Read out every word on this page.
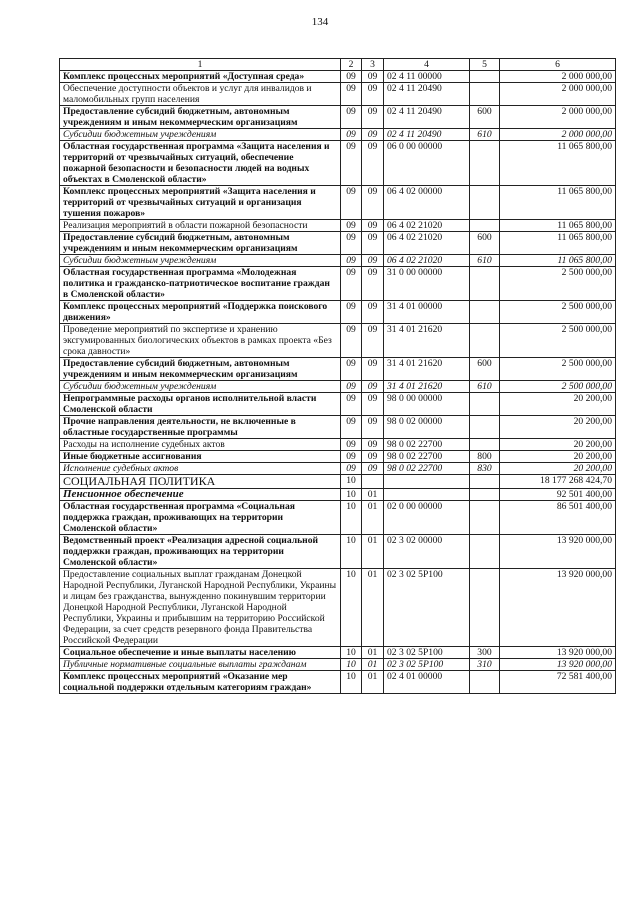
134
1	2	3	4	5	6
Комплекс процессных мероприятий «Доступная среда»	09	09	02 4 11 00000		2 000 000,00
Обеспечение доступности объектов и услуг для инвалидов и маломобильных групп населения	09	09	02 4 11 20490		2 000 000,00
Предоставление субсидий бюджетным, автономным учреждениям и иным некоммерческим организациям	09	09	02 4 11 20490	600	2 000 000,00
Субсидии бюджетным учреждениям	09	09	02 4 11 20490	610	2 000 000,00
Областная государственная программа «Защита населения и территорий от чрезвычайных ситуаций, обеспечение пожарной безопасности и безопасности людей на водных объектах в Смоленской области»	09	09	06 0 00 00000		11 065 800,00
Комплекс процессных мероприятий «Защита населения и территорий от чрезвычайных ситуаций и организация тушения пожаров»	09	09	06 4 02 00000		11 065 800,00
Реализация мероприятий в области пожарной безопасности	09	09	06 4 02 21020		11 065 800,00
Предоставление субсидий бюджетным, автономным учреждениям и иным некоммерческим организациям	09	09	06 4 02 21020	600	11 065 800,00
Субсидии бюджетным учреждениям	09	09	06 4 02 21020	610	11 065 800,00
Областная государственная программа «Молодежная политика и гражданско-патриотическое воспитание граждан в Смоленской области»	09	09	31 0 00 00000		2 500 000,00
Комплекс процессных мероприятий «Поддержка поискового движения»	09	09	31 4 01 00000		2 500 000,00
Проведение мероприятий по экспертизе и хранению эксгумированных биологических объектов в рамках проекта «Без срока давности»	09	09	31 4 01 21620		2 500 000,00
Предоставление субсидий бюджетным, автономным учреждениям и иным некоммерческим организациям	09	09	31 4 01 21620	600	2 500 000,00
Субсидии бюджетным учреждениям	09	09	31 4 01 21620	610	2 500 000,00
Непрограммные расходы органов исполнительной власти Смоленской области	09	09	98 0 00 00000		20 200,00
Прочие направления деятельности, не включенные в областные государственные программы	09	09	98 0 02 00000		20 200,00
Расходы на исполнение судебных актов	09	09	98 0 02 22700		20 200,00
Иные бюджетные ассигнования	09	09	98 0 02 22700	800	20 200,00
Исполнение судебных актов	09	09	98 0 02 22700	830	20 200,00
СОЦИАЛЬНАЯ ПОЛИТИКА	10				18 177 268 424,70
Пенсионное обеспечение	10	01			92 501 400,00
Областная государственная программа «Социальная поддержка граждан, проживающих на территории Смоленской области»	10	01	02 0 00 00000		86 501 400,00
Ведомственный проект «Реализация адресной социальной поддержки граждан, проживающих на территории Смоленской области»	10	01	02 3 02 00000		13 920 000,00
Предоставление социальных выплат гражданам Донецкой Народной Республики, Луганской Народной Республики, Украины и лицам без гражданства, вынужденно покинувшим территории Донецкой Народной Республики, Луганской Народной Республики, Украины и прибывшим на территорию Российской Федерации, за счет средств резервного фонда Правительства Российской Федерации	10	01	02 3 02 5P100		13 920 000,00
Социальное обеспечение и иные выплаты населению	10	01	02 3 02 5P100	300	13 920 000,00
Публичные нормативные социальные выплаты гражданам	10	01	02 3 02 5P100	310	13 920 000,00
Комплекс процессных мероприятий «Оказание мер социальной поддержки отдельным категориям граждан»	10	01	02 4 01 00000		72 581 400,00
